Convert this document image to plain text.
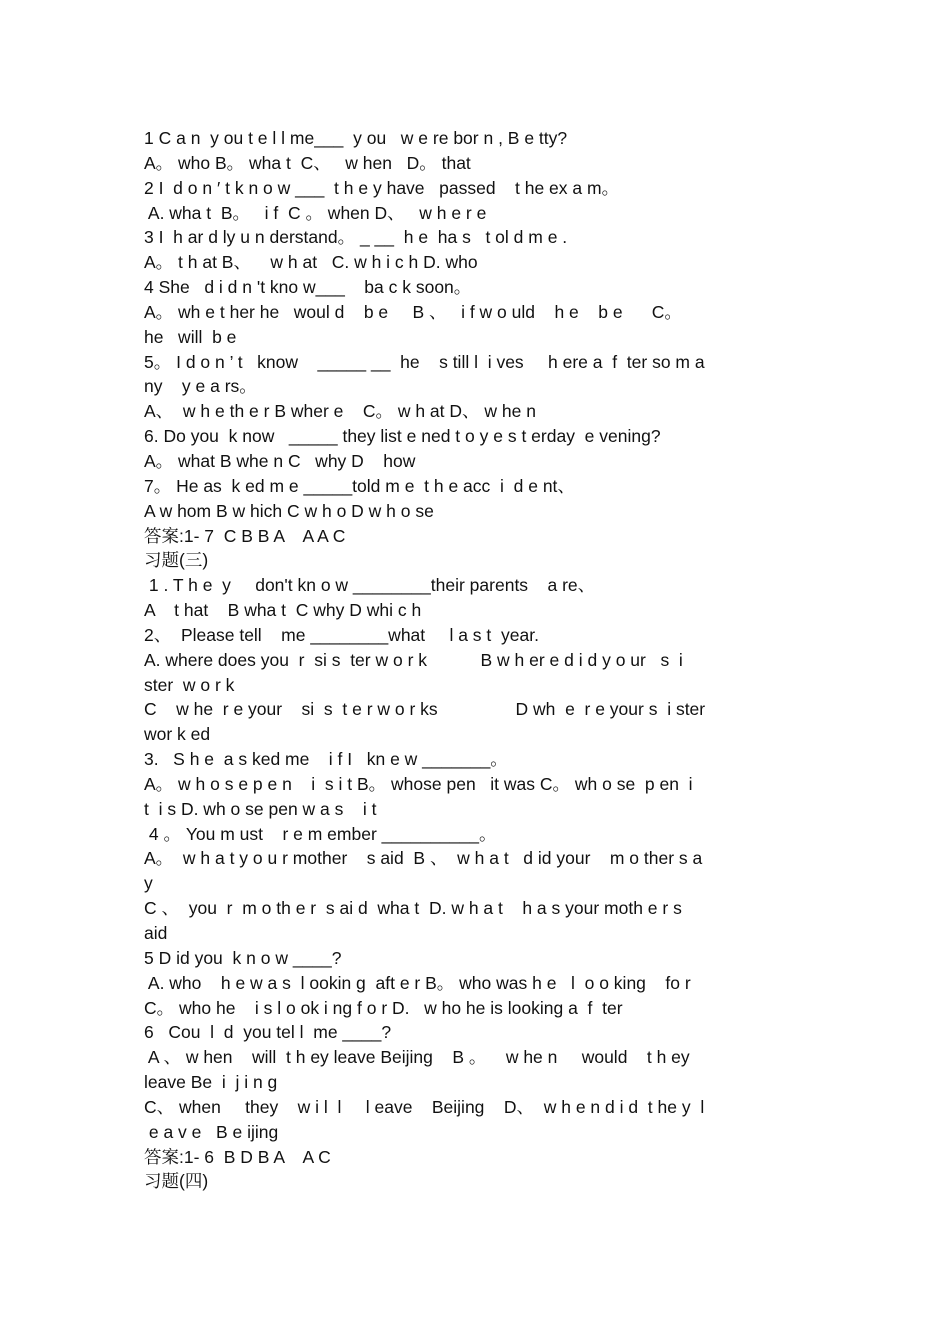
1 C a n  y ou t e l l me___  y ou   w e re bor n , B e tty?
A。 who B。 wha t  C、   w hen   D。 that
2 I  d o n ′ t k n o w ___  t h e y have   passed    t he ex a m。
A. wha t  B。   i f  C 。 when D、   w h e r e
3 I  h ar d ly u n derstand。 _ __  h e  ha s   t ol d m e .
A。 t h at B、    w h at   C. w h i c h D. who
4 She   d i d n 't kno w___    ba c k soon。
A。 wh e t her he   woul d    b e     B 、   i f w o uld    h e    b e      C。
he   will  b e
5。 I d o n ’ t   know    _____ __  he    s till l  i ves     h ere a  f  ter so m a
ny    y e a rs。
A、  w h e th e r B wher e    C。 w h at D、 w he n
6. Do you  k now   _____ they list e ned t o y e s t erday  e vening?
A。 what B whe n C   why D    how
7。 He as  k ed m e _____told m e  t h e acc  i  d e nt、
A w hom B w hich C w h o D w h o se
答案:1- 7  C B B A    A A C
习题(三)
1 . T h e  y     don't kn o w ________their parents    a re、
A    t hat    B wha t  C why D whi c h
2、  Please tell    me ________what     l a s t  year.
A. where does you  r  si s  ter w o r k           B w h er e d i d y o ur   s  i
ster  w o r k
C    w he  r e your    si  s  t e r w o r ks                D wh  e  r e your s  i ster
wor k ed
3.   S h e  a s ked me    i f I   kn e w _______。
A。 w h o s e p e n    i  s i t B。 whose pen   it was C。 wh o se  p en  i
t  i s D. wh o se pen w a s    i t
4 。 You m ust    r e m ember __________。
A。  w h a t y o u r mother    s aid  B 、  w h a t   d id your    m o ther s a
y
C 、  you  r  m o th e r  s ai d  wha t  D. w h a t    h a s your moth e r s
aid
5 D id you  k n o w ____?
A. who    h e w a s  l ookin g  aft e r B。 who was h e   l  o o king    fo r
C。 who he    i s l o ok i ng f o r D.   w ho he is looking a  f  ter
6   Cou  l  d  you tel l  me ____?
A 、 w hen    will  t h ey leave Beijing    B 。    w he n     would    t h ey
leave Be  i  j i n g
C、 when     they    w i l  l     l eave    Beijing    D、  w h e n d i d  t he y  l
e a v e   B e ijing
答案:1- 6  B D B A    A C
习题(四)
